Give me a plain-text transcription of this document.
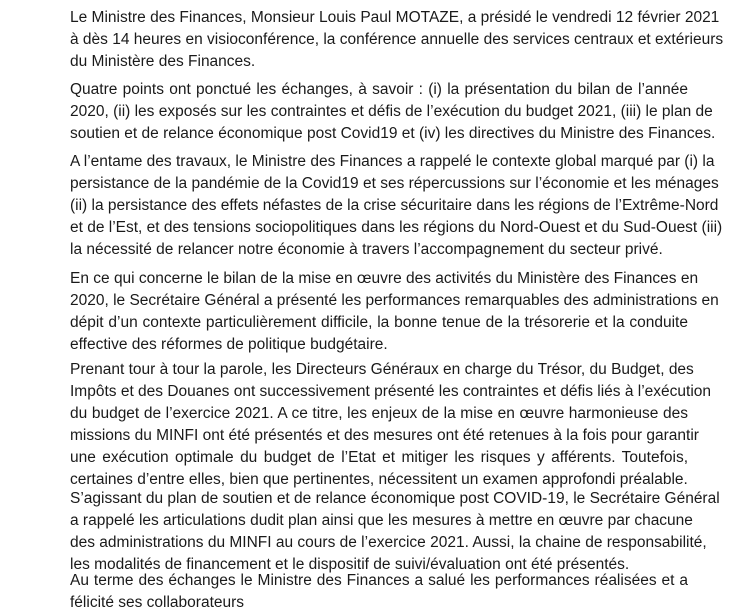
Le Ministre des Finances, Monsieur Louis Paul MOTAZE, a présidé le vendredi 12 février 2021
à dès 14 heures en visioconférence, la conférence annuelle des services centraux et extérieurs
du Ministère des Finances.
Quatre points ont ponctué les échanges, à savoir : (i) la présentation du bilan de l’année
2020, (ii) les exposés sur les contraintes et défis de l’exécution du budget 2021, (iii) le plan de
soutien et de relance économique post Covid19 et (iv) les directives du Ministre des Finances.
A l’entame des travaux, le Ministre des Finances a rappelé le contexte global marqué par (i) la
persistance de la pandémie de la Covid19 et ses répercussions sur l’économie et les ménages
(ii) la persistance des effets néfastes de la crise sécuritaire dans les régions de l’Extrême-Nord
et de l’Est, et des tensions sociopolitiques dans les régions du Nord-Ouest et du Sud-Ouest (iii)
la nécessité de relancer notre économie à travers l’accompagnement du secteur privé.
En ce qui concerne le bilan de la mise en œuvre des activités du Ministère des Finances en
2020, le Secrétaire Général a présenté les performances remarquables des administrations en
dépit d’un contexte particulièrement difficile, la bonne tenue de la trésorerie et la conduite
effective des réformes de politique budgétaire.
Prenant tour à tour la parole, les Directeurs Généraux en charge du Trésor, du Budget, des
Impôts et des Douanes ont successivement présenté les contraintes et défis liés à l’exécution
du budget de l’exercice 2021. A ce titre, les enjeux de la mise en œuvre harmonieuse des
missions du MINFI ont été présentés et des mesures ont été retenues à la fois pour garantir
une exécution optimale du budget de l’Etat et mitiger les risques y afférents. Toutefois,
certaines d’entre elles, bien que pertinentes, nécessitent un examen approfondi préalable.
S’agissant du plan de soutien et de relance économique post COVID-19, le Secrétaire Général
a rappelé les articulations dudit plan ainsi que les mesures à mettre en œuvre par chacune
des administrations du MINFI au cours de l’exercice 2021. Aussi, la chaine de responsabilité,
les modalités de financement et le dispositif de suivi/évaluation ont été présentés.
Au terme des échanges le Ministre des Finances a salué les performances réalisées et a
félicité ses collaborateurs
